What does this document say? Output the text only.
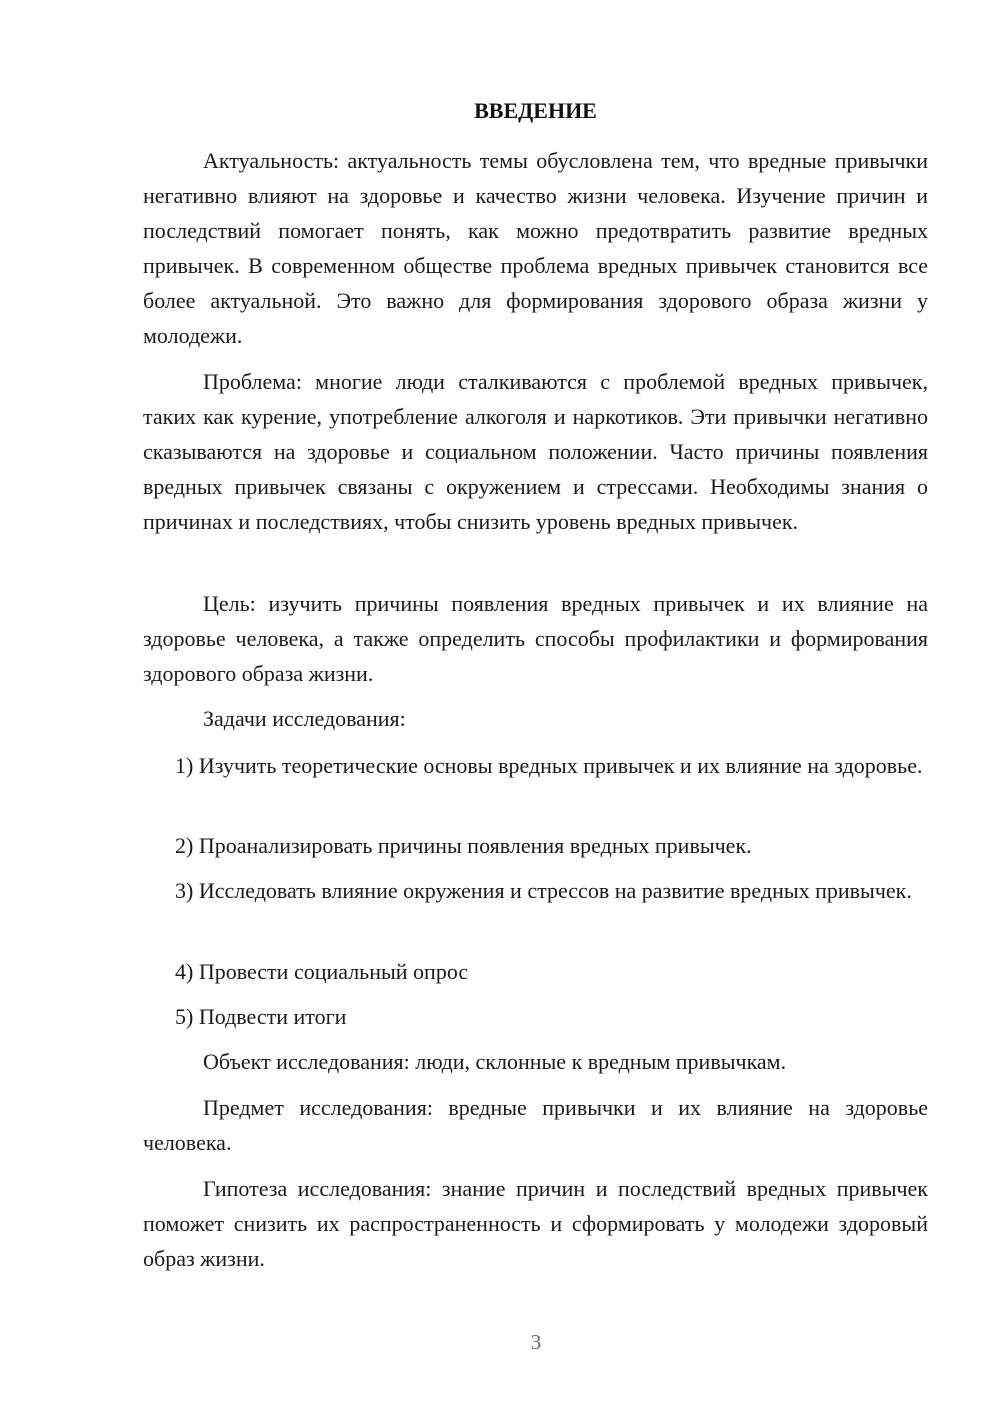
ВВЕДЕНИЕ

Актуальность: актуальность темы обусловлена тем, что вредные привычки негативно влияют на здоровье и качество жизни человека. Изучение причин и последствий помогает понять, как можно предотвратить развитие вредных привычек. В современном обществе проблема вредных привычек становится все более актуальной. Это важно для формирования здорового образа жизни у молодежи.

Проблема: многие люди сталкиваются с проблемой вредных привычек, таких как курение, употребление алкоголя и наркотиков. Эти привычки негативно сказываются на здоровье и социальном положении. Часто причины появления вредных привычек связаны с окружением и стрессами. Необходимы знания о причинах и последствиях, чтобы снизить уровень вредных привычек.

Цель: изучить причины появления вредных привычек и их влияние на здоровье человека, а также определить способы профилактики и формирования здорового образа жизни.

Задачи исследования:

1) Изучить теоретические основы вредных привычек и их влияние на здоровье.

2) Проанализировать причины появления вредных привычек.

3) Исследовать влияние окружения и стрессов на развитие вредных привычек.

4) Провести социальный опрос

5) Подвести итоги

Объект исследования: люди, склонные к вредным привычкам.

Предмет исследования: вредные привычки и их влияние на здоровье человека.

Гипотеза исследования: знание причин и последствий вредных привычек поможет снизить их распространенность и сформировать у молодежи здоровый образ жизни.

3
